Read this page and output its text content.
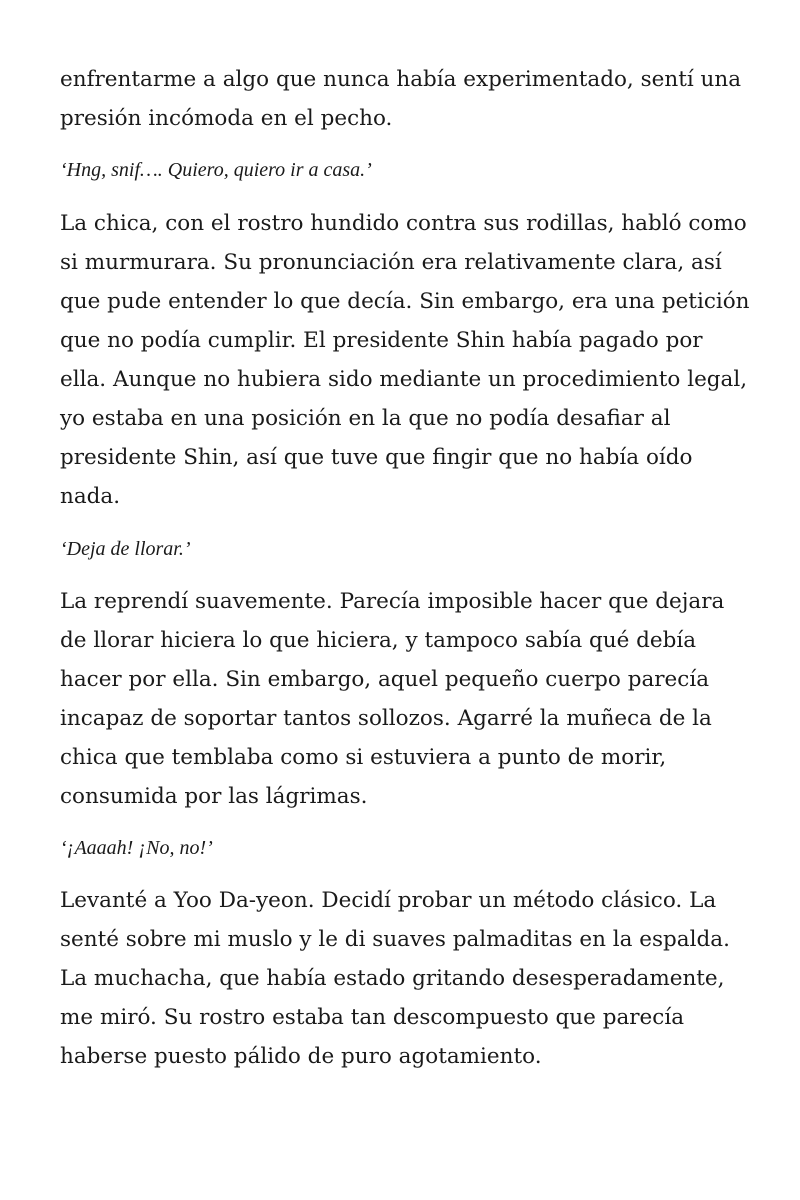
enfrentarme a algo que nunca había experimentado, sentí una presión incómoda en el pecho.

‘Hng, snif…. Quiero, quiero ir a casa.’

La chica, con el rostro hundido contra sus rodillas, habló como si murmurara. Su pronunciación era relativamente clara, así que pude entender lo que decía. Sin embargo, era una petición que no podía cumplir. El presidente Shin había pagado por ella. Aunque no hubiera sido mediante un procedimiento legal, yo estaba en una posición en la que no podía desafiar al presidente Shin, así que tuve que fingir que no había oído nada.

‘Deja de llorar.’

La reprendí suavemente. Parecía imposible hacer que dejara de llorar hiciera lo que hiciera, y tampoco sabía qué debía hacer por ella. Sin embargo, aquel pequeño cuerpo parecía incapaz de soportar tantos sollozos. Agarré la muñeca de la chica que temblaba como si estuviera a punto de morir, consumida por las lágrimas.

‘¡Aaaah! ¡No, no!’

Levanté a Yoo Da-yeon. Decidí probar un método clásico. La senté sobre mi muslo y le di suaves palmaditas en la espalda. La muchacha, que había estado gritando desesperadamente, me miró. Su rostro estaba tan descompuesto que parecía haberse puesto pálido de puro agotamiento.
